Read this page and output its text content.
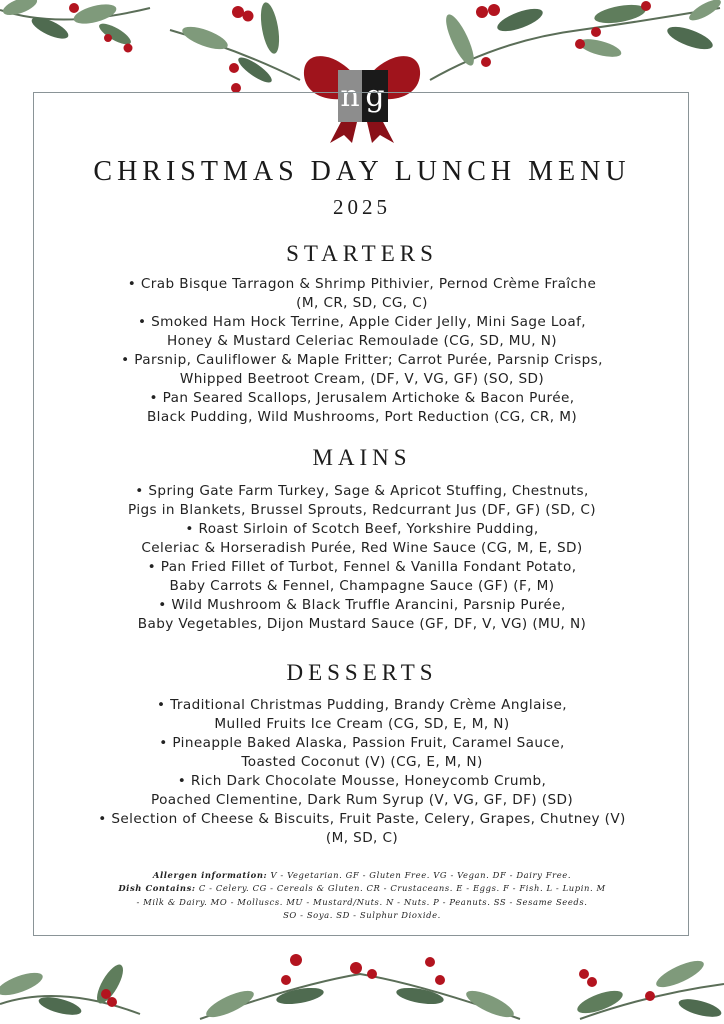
n g
CHRISTMAS DAY LUNCH MENU
2025
STARTERS
• Crab Bisque Tarragon & Shrimp Pithivier, Pernod Crème Fraîche
(M, CR, SD, CG, C)
• Smoked Ham Hock Terrine, Apple Cider Jelly, Mini Sage Loaf,
Honey & Mustard Celeriac Remoulade (CG, SD, MU, N)
• Parsnip, Cauliflower & Maple Fritter; Carrot Purée, Parsnip Crisps,
Whipped Beetroot Cream, (DF, V, VG, GF) (SO, SD)
• Pan Seared Scallops, Jerusalem Artichoke & Bacon Purée,
Black Pudding, Wild Mushrooms, Port Reduction (CG, CR, M)
MAINS
• Spring Gate Farm Turkey, Sage & Apricot Stuffing, Chestnuts,
Pigs in Blankets, Brussel Sprouts, Redcurrant Jus (DF, GF) (SD, C)
• Roast Sirloin of Scotch Beef, Yorkshire Pudding,
Celeriac & Horseradish Purée, Red Wine Sauce (CG, M, E, SD)
• Pan Fried Fillet of Turbot, Fennel & Vanilla Fondant Potato,
Baby Carrots & Fennel, Champagne Sauce (GF) (F, M)
• Wild Mushroom & Black Truffle Arancini, Parsnip Purée,
Baby Vegetables, Dijon Mustard Sauce (GF, DF, V, VG) (MU, N)
DESSERTS
• Traditional Christmas Pudding, Brandy Crème Anglaise,
Mulled Fruits Ice Cream (CG, SD, E, M, N)
• Pineapple Baked Alaska, Passion Fruit, Caramel Sauce,
Toasted Coconut (V) (CG, E, M, N)
• Rich Dark Chocolate Mousse, Honeycomb Crumb,
Poached Clementine, Dark Rum Syrup (V, VG, GF, DF) (SD)
• Selection of Cheese & Biscuits, Fruit Paste, Celery, Grapes, Chutney (V)
(M, SD, C)
Allergen information: V - Vegetarian. GF - Gluten Free. VG - Vegan. DF - Dairy Free.
Dish Contains: C - Celery. CG - Cereals & Gluten. CR - Crustaceans. E - Eggs. F - Fish. L - Lupin. M
- Milk & Dairy. MO - Molluscs. MU - Mustard/Nuts. N - Nuts. P - Peanuts. SS - Sesame Seeds.
SO - Soya. SD - Sulphur Dioxide.
